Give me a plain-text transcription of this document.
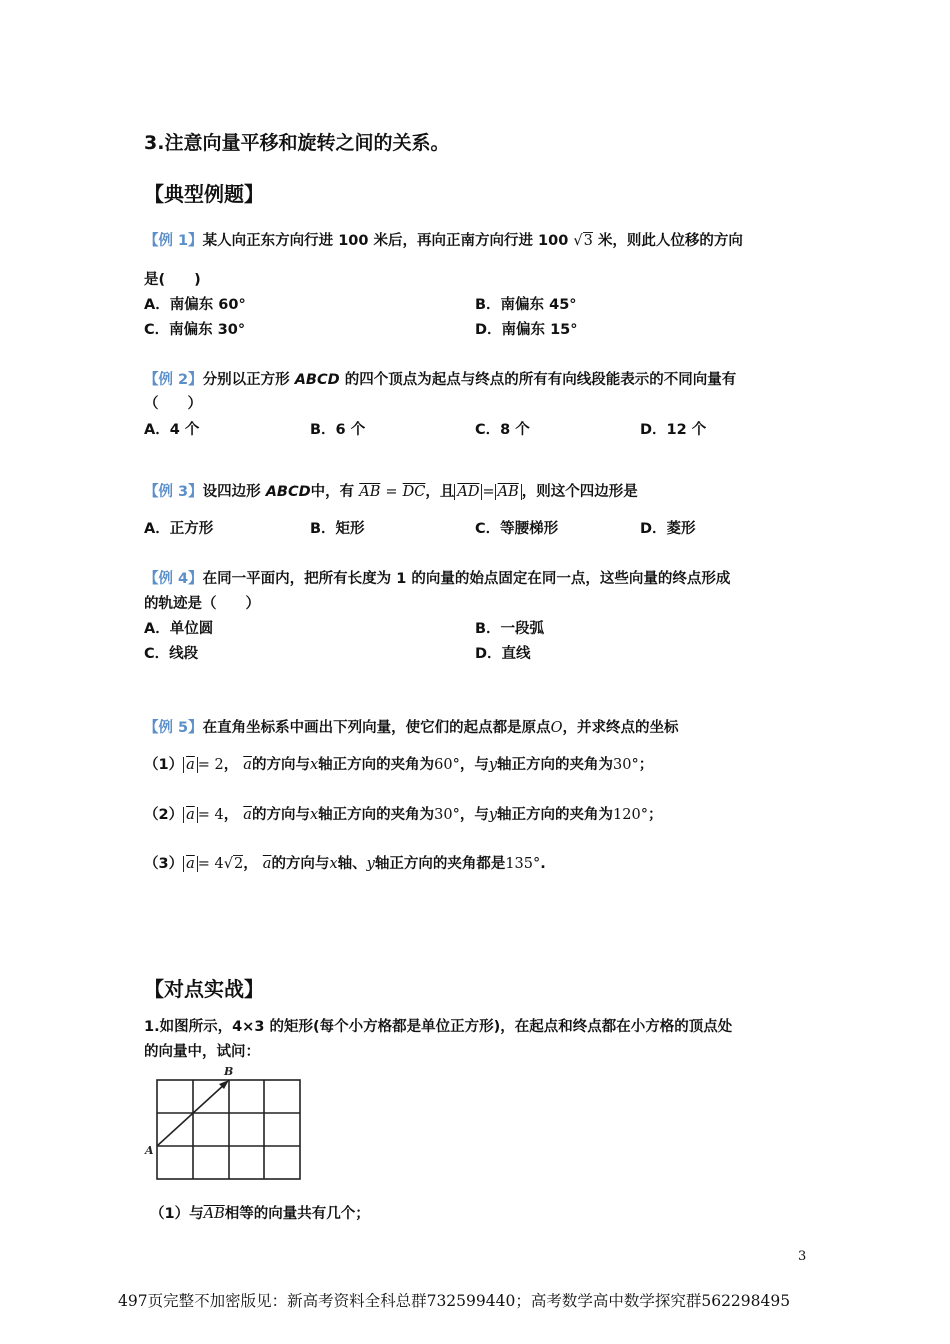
3.注意向量平移和旋转之间的关系。
【典型例题】
【例 1】某人向正东方向行进 100 米后，再向正南方向行进 100 √3 米，则此人位移的方向
是(　　)
A．南偏东 60°	B．南偏东 45°
C．南偏东 30°	D．南偏东 15°
【例 2】分别以正方形 ABCD 的四个顶点为起点与终点的所有有向线段能表示的不同向量有
（　　）
A．4 个	B．6 个	C．8 个	D．12 个
【例 3】设四边形 ABCD中，有 $\overline{AB} = \overline{DC}$，且 $\overline{AD} = \overline{AB}$ ，则这个四边形是
A．正方形	B．矩形	C．等腰梯形	D．菱形
【例 4】在同一平面内，把所有长度为 1 的向量的始点固定在同一点，这些向量的终点形成
的轨迹是（　　）
A．单位圆	B．一段弧
C．线段	D．直线
【例 5】在直角坐标系中画出下列向量，使它们的起点都是原点O，并求终点的坐标
（1） $\overline{a} = 2$， $\overline{a}$的方向与x轴正方向的夹角为60°，与y轴正方向的夹角为30°；
（2） $\overline{a} = 4$， $\overline{a}$的方向与x轴正方向的夹角为30°，与y轴正方向的夹角为120°；
（3） $\overline{a} = 4√2$， $\overline{a}$的方向与x轴、y轴正方向的夹角都是135°.
【对点实战】
1.如图所示，4×3 的矩形(每个小方格都是单位正方形)，在起点和终点都在小方格的顶点处
的向量中，试问：
B
A
（1）与$\overline{AB}$相等的向量共有几个；
3
497页完整不加密版见：新高考资料全科总群732599440；高考数学高中数学探究群562298495
